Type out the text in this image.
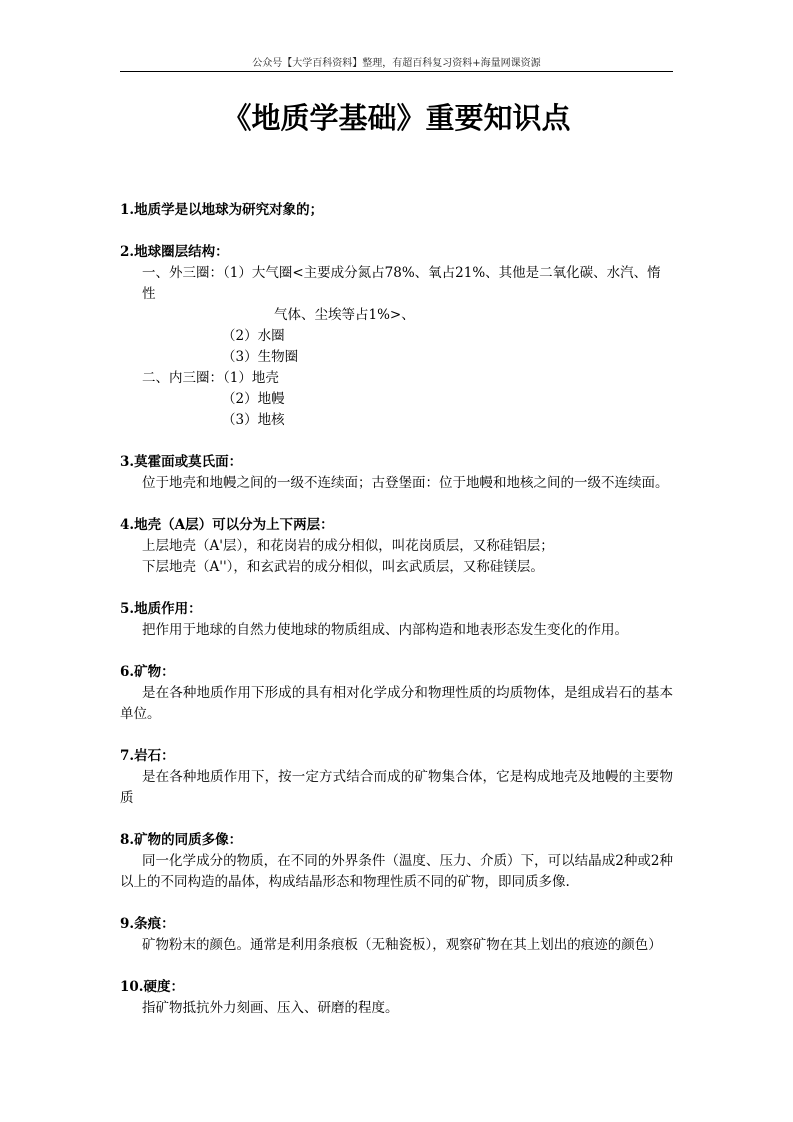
公众号【大学百科资料】整理，有超百科复习资料+海量网课资源
《地质学基础》重要知识点
1.地质学是以地球为研究对象的；
2.地球圈层结构：
一、外三圈：（1）大气圈<主要成分氮占78%、氧占21%、其他是二氧化碳、水汽、惰性
气体、尘埃等占1%>、
（2）水圈
（3）生物圈
二、内三圈：（1）地壳
（2）地幔
（3）地核
3.莫霍面或莫氏面：
位于地壳和地幔之间的一级不连续面；古登堡面：位于地幔和地核之间的一级不连续面。
4.地壳（A层）可以分为上下两层：
上层地壳（A'层），和花岗岩的成分相似，叫花岗质层，又称硅铝层；
下层地壳（A''），和玄武岩的成分相似，叫玄武质层，又称硅镁层。
5.地质作用：
把作用于地球的自然力使地球的物质组成、内部构造和地表形态发生变化的作用。
6.矿物：
是在各种地质作用下形成的具有相对化学成分和物理性质的均质物体，是组成岩石的基本单位。
7.岩石：
是在各种地质作用下，按一定方式结合而成的矿物集合体，它是构成地壳及地幔的主要物质
8.矿物的同质多像：
同一化学成分的物质，在不同的外界条件（温度、压力、介质）下，可以结晶成2种或2种以上的不同构造的晶体，构成结晶形态和物理性质不同的矿物，即同质多像.
9.条痕：
矿物粉末的颜色。通常是利用条痕板（无釉瓷板），观察矿物在其上划出的痕迹的颜色）
10.硬度：
指矿物抵抗外力刻画、压入、研磨的程度。
